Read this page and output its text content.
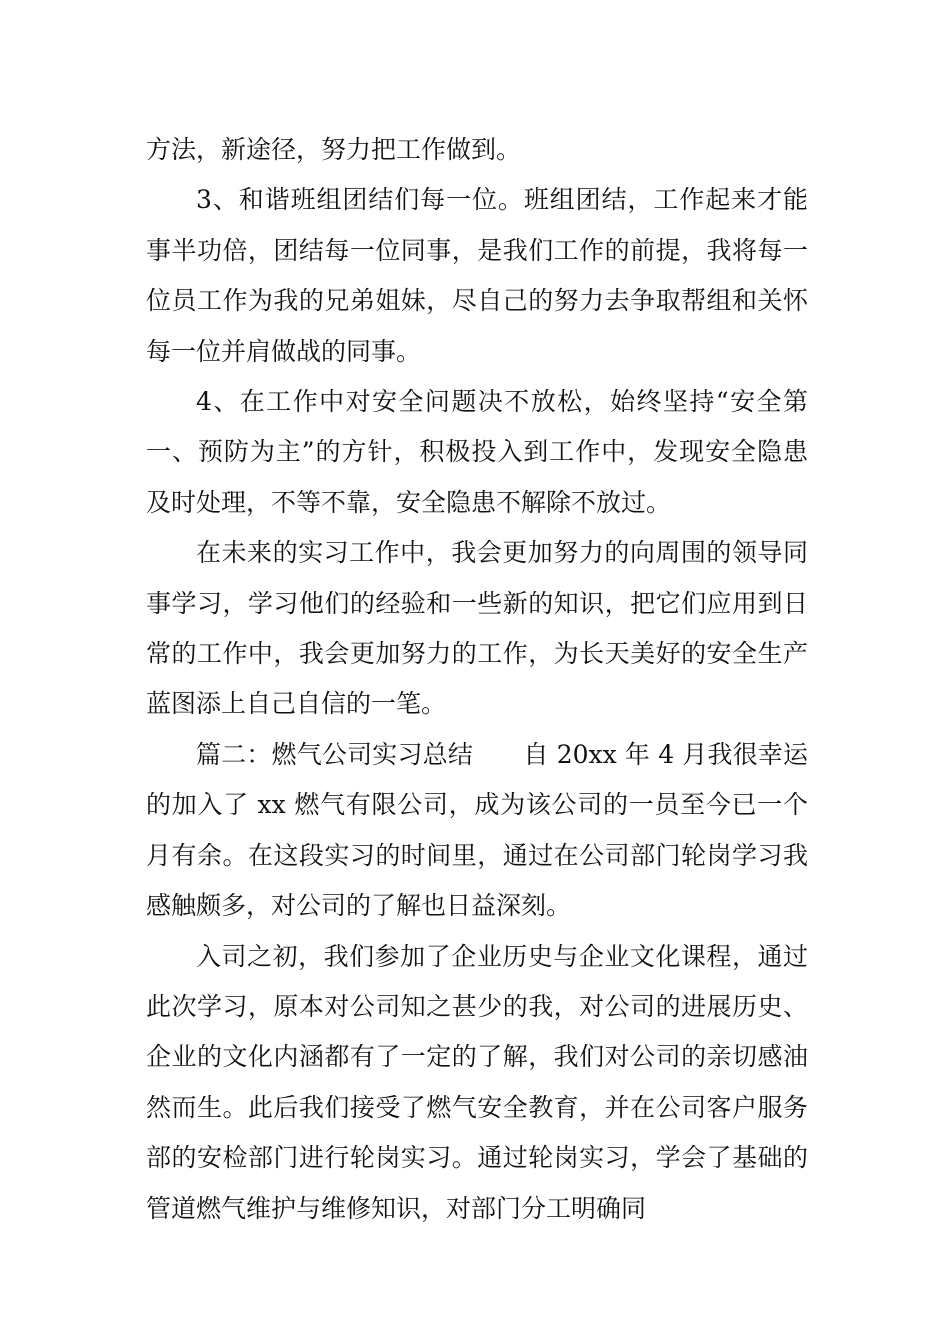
方法，新途径，努力把工作做到。

3、和谐班组团结们每一位。班组团结，工作起来才能事半功倍，团结每一位同事，是我们工作的前提，我将每一位员工作为我的兄弟姐妹，尽自己的努力去争取帮组和关怀每一位并肩做战的同事。

4、在工作中对安全问题决不放松，始终坚持“安全第一、预防为主”的方针，积极投入到工作中，发现安全隐患及时处理，不等不靠，安全隐患不解除不放过。

在未来的实习工作中，我会更加努力的向周围的领导同事学习，学习他们的经验和一些新的知识，把它们应用到日常的工作中，我会更加努力的工作，为长天美好的安全生产蓝图添上自己自信的一笔。

篇二：燃气公司实习总结　　自 20xx 年 4 月我很幸运的加入了 xx 燃气有限公司，成为该公司的一员至今已一个月有余。在这段实习的时间里，通过在公司部门轮岗学习我感触颇多，对公司的了解也日益深刻。

入司之初，我们参加了企业历史与企业文化课程，通过此次学习，原本对公司知之甚少的我，对公司的进展历史、企业的文化内涵都有了一定的了解，我们对公司的亲切感油然而生。此后我们接受了燃气安全教育，并在公司客户服务部的安检部门进行轮岗实习。通过轮岗实习，学会了基础的管道燃气维护与维修知识，对部门分工明确同
